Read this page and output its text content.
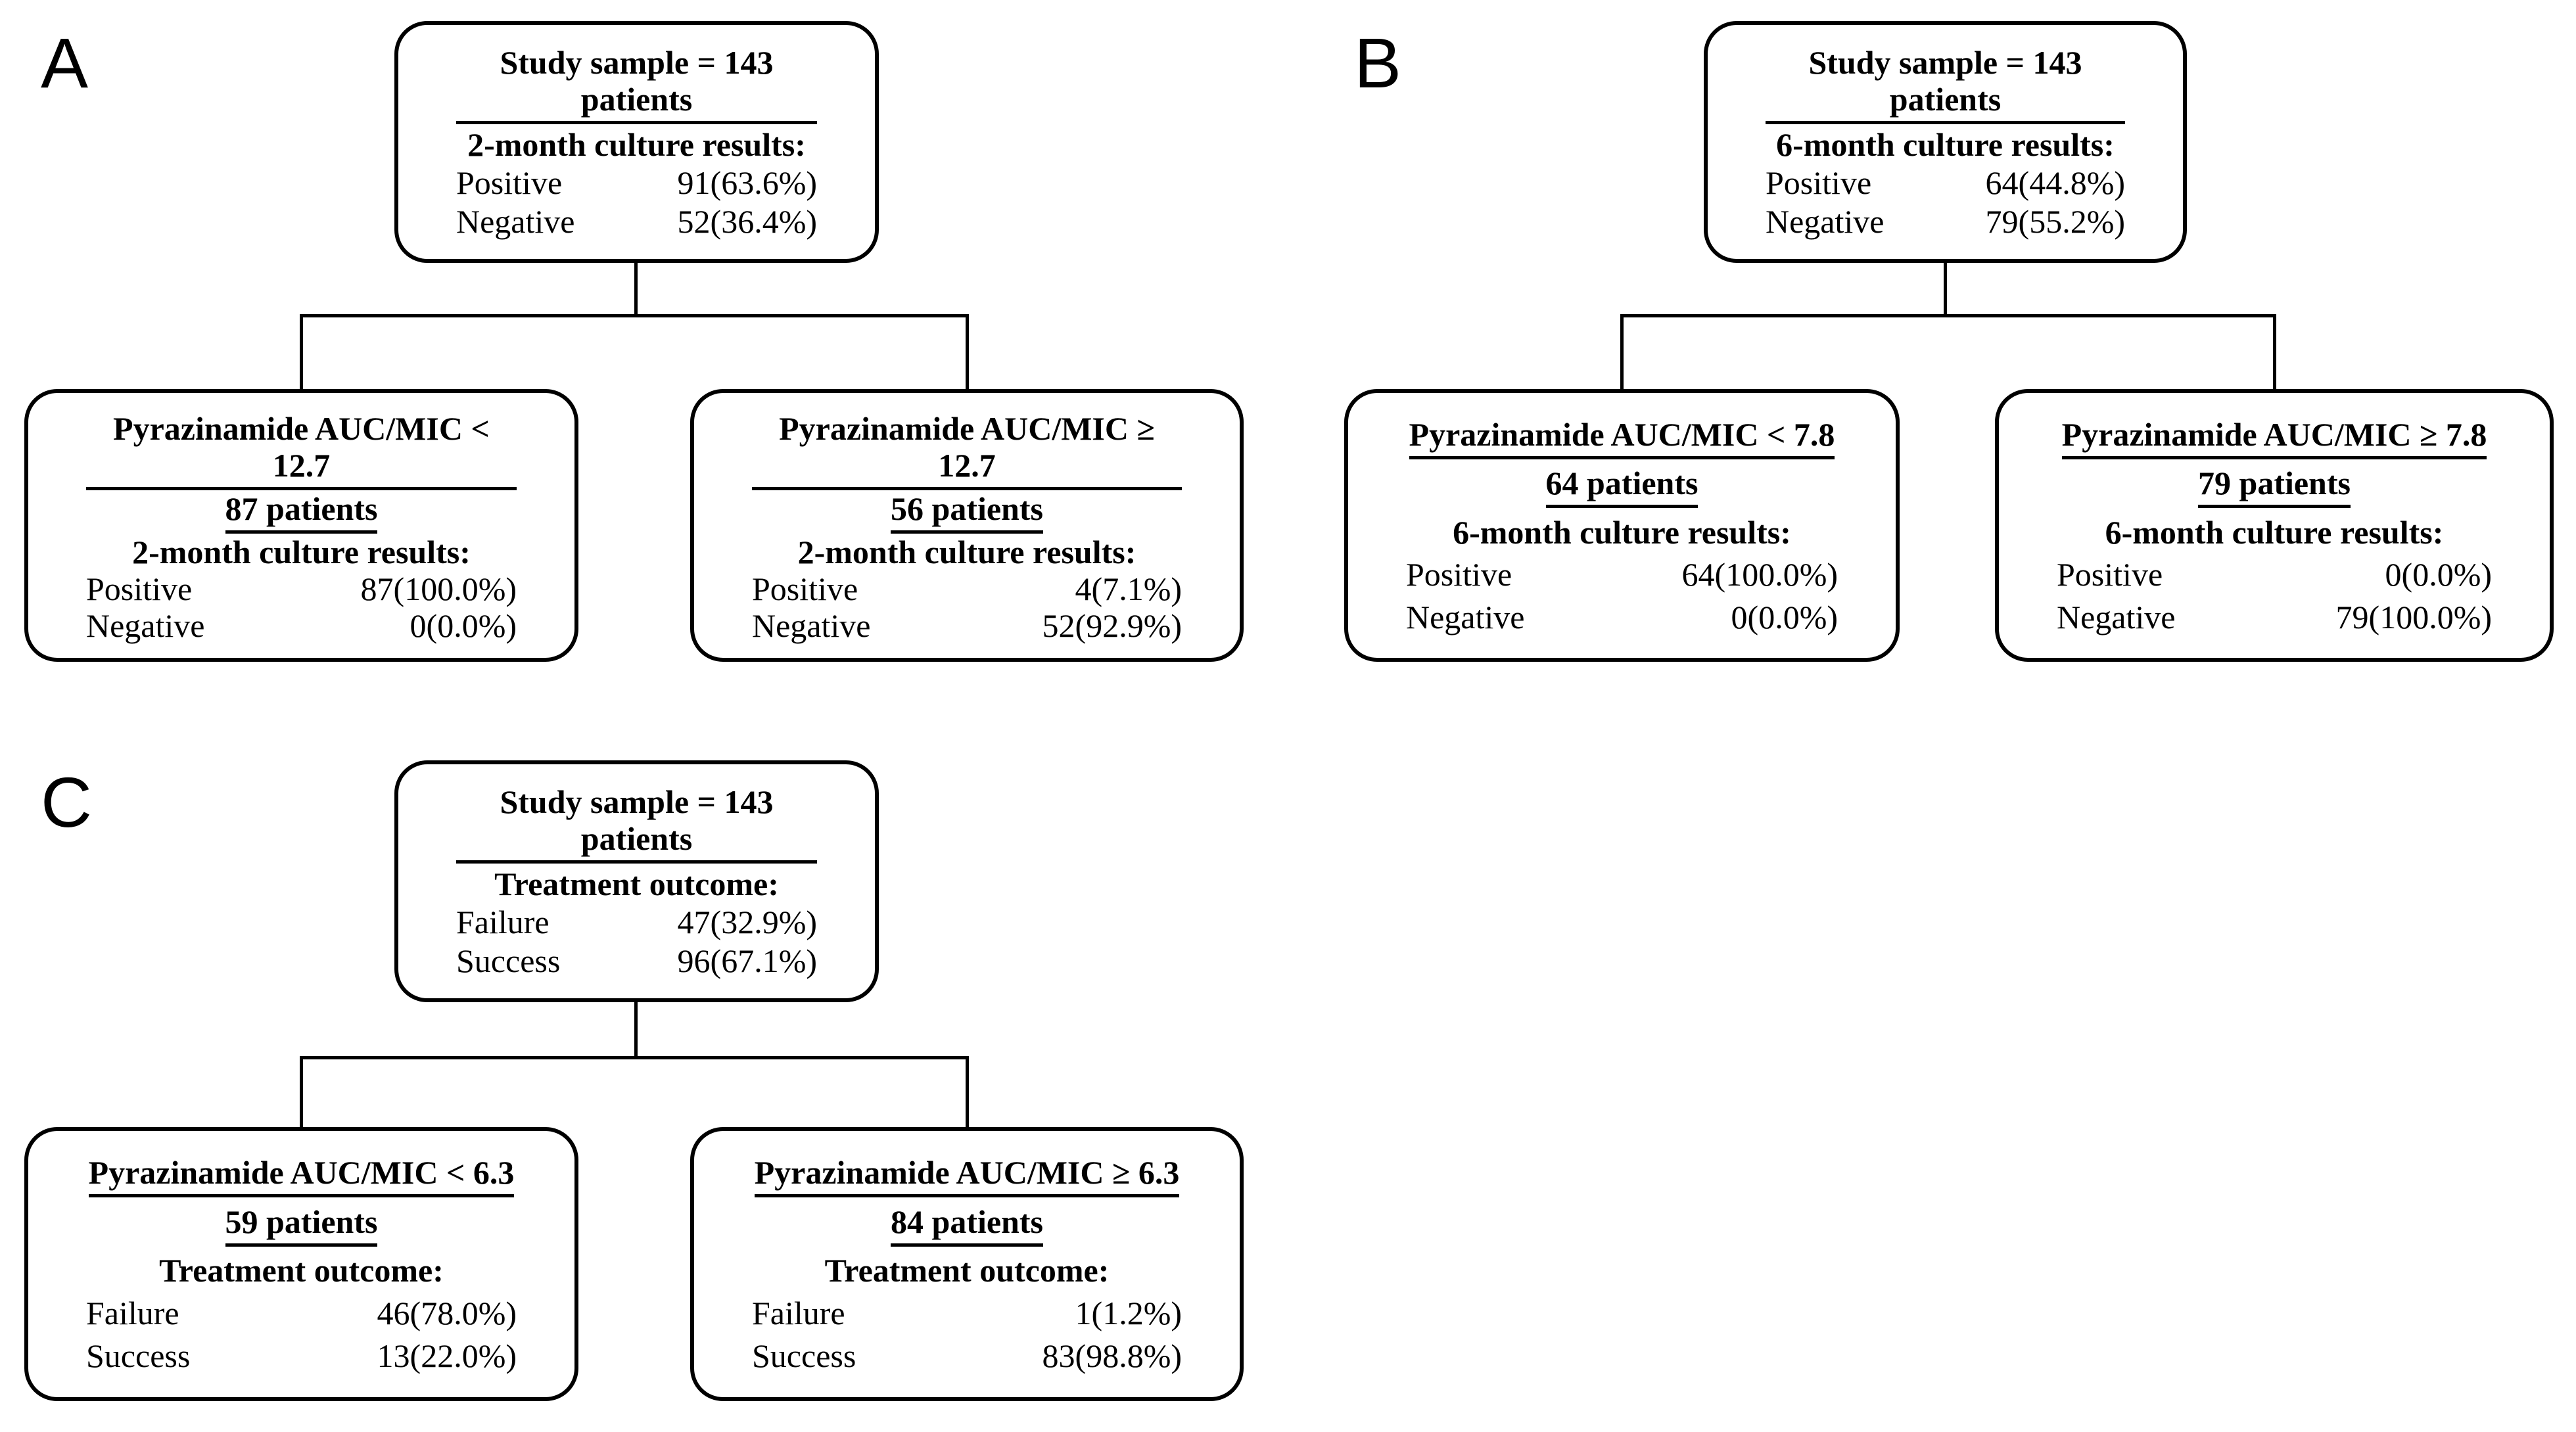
A	Study sample = 143 patients
2-month culture results:
Positive	91(63.6%)
Negative	52(36.4%)
Pyrazinamide AUC/MIC < 12.7
87 patients
2-month culture results:
Positive	87(100.0%)
Negative	0(0.0%)
Pyrazinamide AUC/MIC ≥ 12.7
56 patients
2-month culture results:
Positive	4(7.1%)
Negative	52(92.9%)
B	Study sample = 143 patients
6-month culture results:
Positive	64(44.8%)
Negative	79(55.2%)
Pyrazinamide AUC/MIC < 7.8
64 patients
6-month culture results:
Positive	64(100.0%)
Negative	0(0.0%)
Pyrazinamide AUC/MIC ≥ 7.8
79 patients
6-month culture results:
Positive	0(0.0%)
Negative	79(100.0%)
C	Study sample = 143 patients
Treatment outcome:
Failure	47(32.9%)
Success	96(67.1%)
Pyrazinamide AUC/MIC < 6.3
59 patients
Treatment outcome:
Failure	46(78.0%)
Success	13(22.0%)
Pyrazinamide AUC/MIC ≥ 6.3
84 patients
Treatment outcome:
Failure	1(1.2%)
Success	83(98.8%)
